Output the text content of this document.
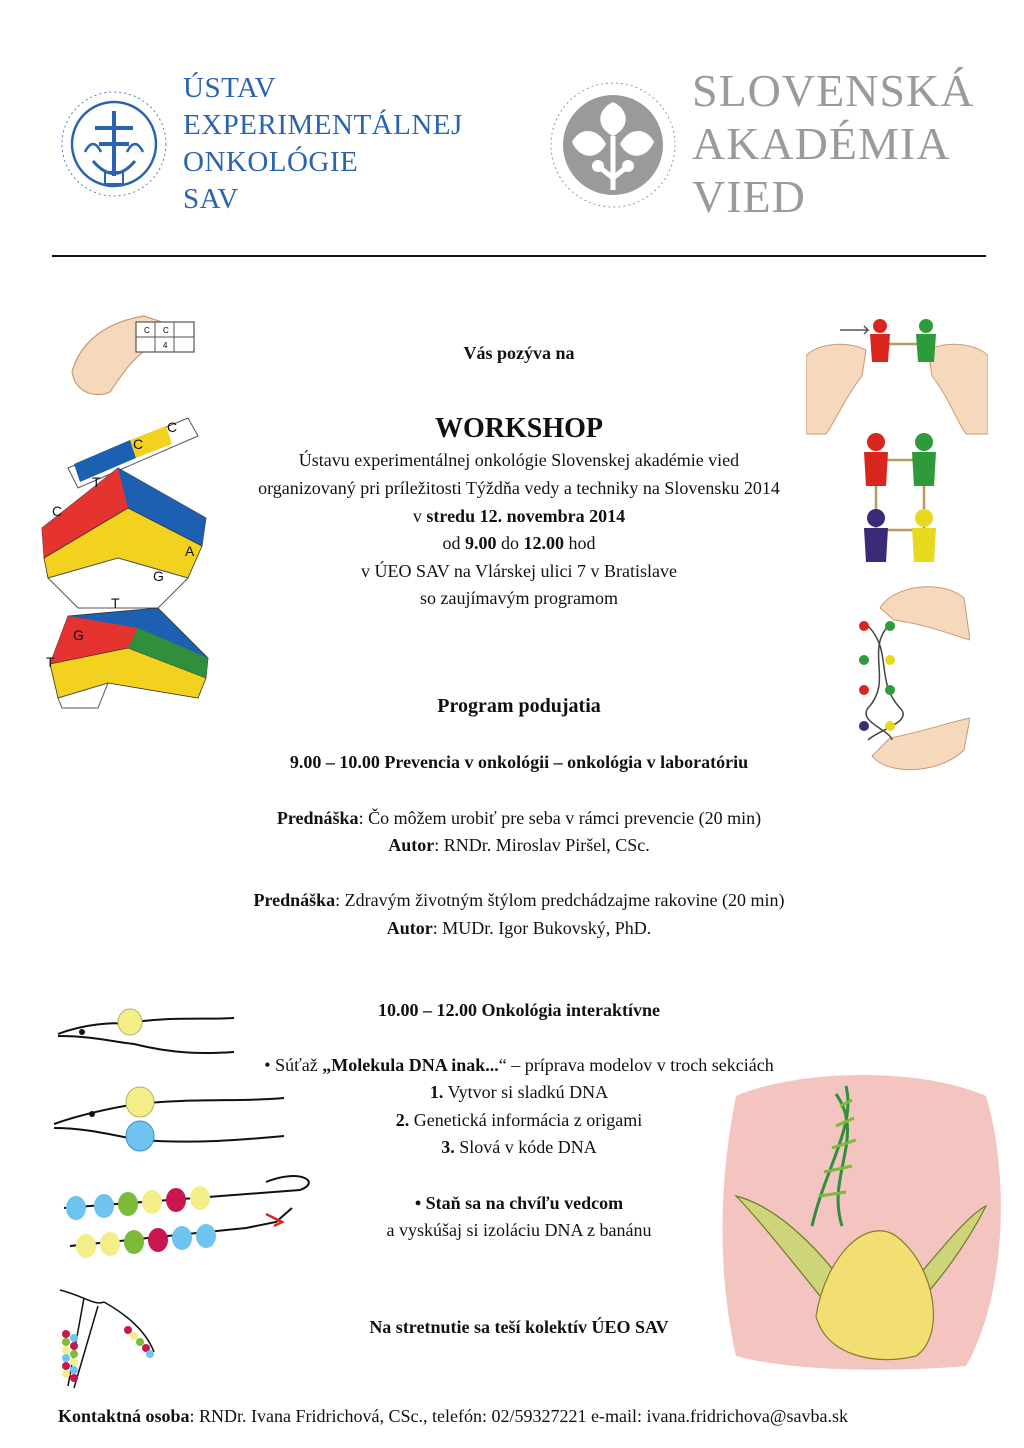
ÚSTAV
EXPERIMENTÁLNEJ
ONKOLÓGIE
SAV
SLOVENSKÁ
AKADÉMIA
VIED
Vás pozýva na
WORKSHOP
Ústavu experimentálnej onkológie Slovenskej akadémie vied
organizovaný pri príležitosti Týždňa vedy a techniky na Slovensku 2014
v stredu 12. novembra 2014
od 9.00 do 12.00 hod
v ÚEO SAV na Vlárskej ulici 7 v Bratislave
so zaujímavým programom
Program podujatia
9.00 – 10.00 Prevencia v onkológii – onkológia v laboratóriu
Prednáška: Čo môžem urobiť pre seba v rámci prevencie (20 min)
Autor: RNDr. Miroslav Piršel, CSc.
Prednáška: Zdravým životným štýlom predchádzajme rakovine (20 min)
Autor: MUDr. Igor Bukovský, PhD.
10.00 – 12.00 Onkológia interaktívne
• Súťaž „Molekula DNA inak...“ – príprava modelov v troch sekciách
1. Vytvor si sladkú DNA
2. Genetická informácia z origami
3. Slová v kóde DNA
• Staň sa na chvíľu vedcom
a vyskúšaj si izoláciu DNA z banánu
Na stretnutie sa teší kolektív ÚEO SAV
Kontaktná osoba: RNDr. Ivana Fridrichová, CSc., telefón: 02/59327221 e-mail: ivana.fridrichova@savba.sk
C C
4
C
C
T
C
A
G
T
G
T
